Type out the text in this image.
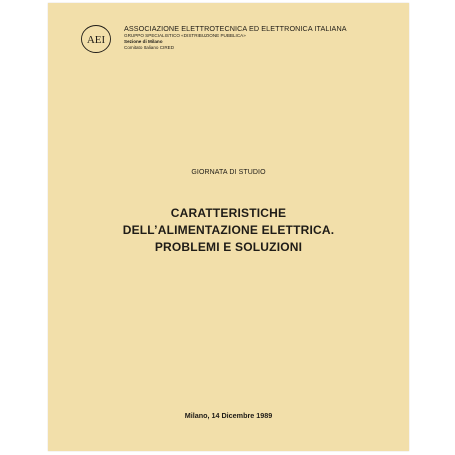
AEI
ASSOCIAZIONE ELETTROTECNICA ED ELETTRONICA ITALIANA
GRUPPO SPECIALISTICO «DISTRIBUZIONE PUBBLICA»
Sezione di Milano
Comitato Italiano CIRED
GIORNATA DI STUDIO
CARATTERISTICHE
DELL’ALIMENTAZIONE ELETTRICA.
PROBLEMI E SOLUZIONI
Milano, 14 Dicembre 1989
